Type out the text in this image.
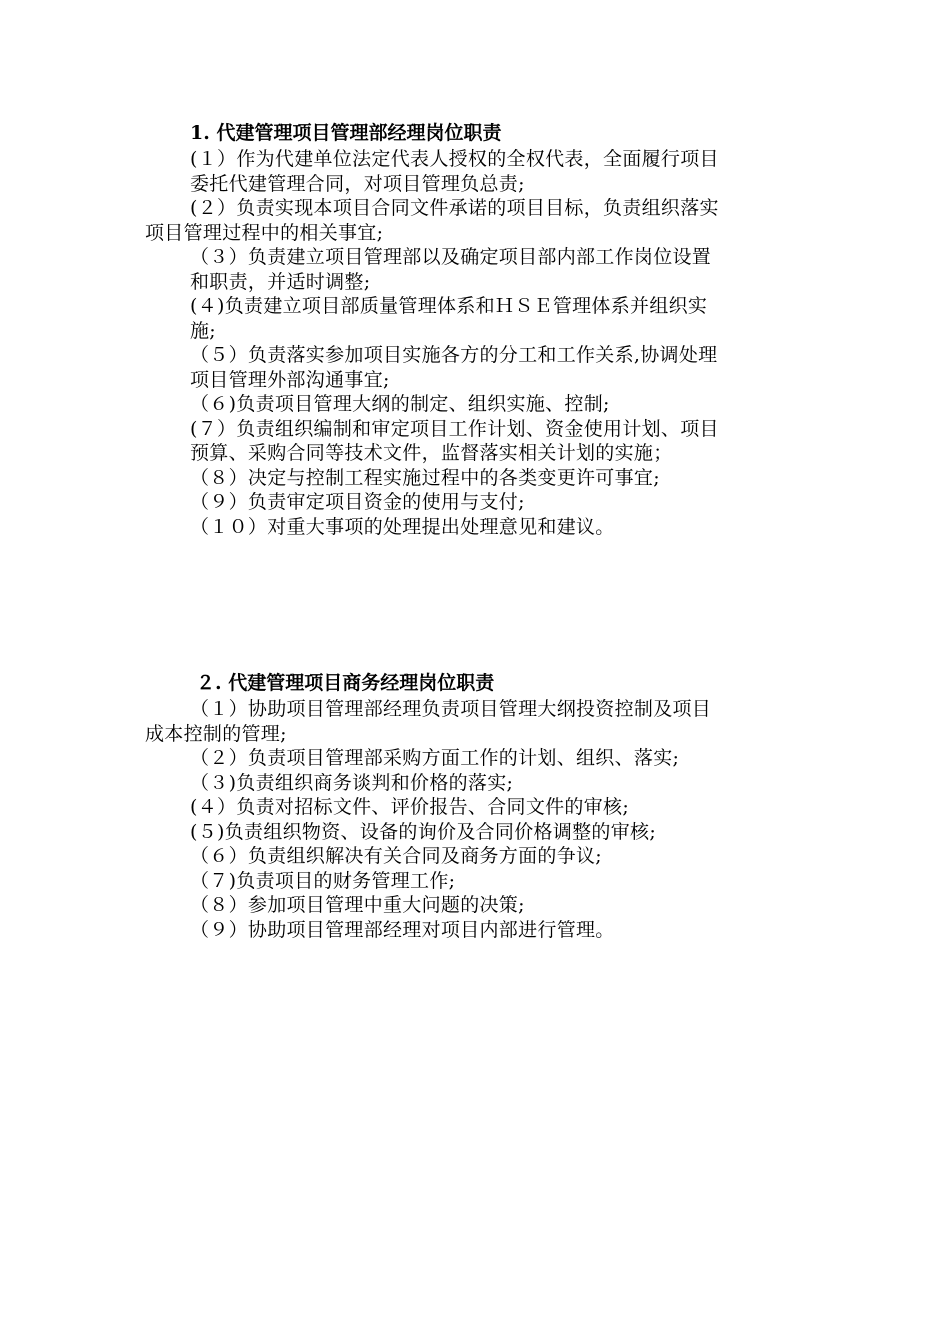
1. 代建管理项目管理部经理岗位职责
(１）作为代建单位法定代表人授权的全权代表，全面履行项目
委托代建管理合同，对项目管理负总责;
(２）负责实现本项目合同文件承诺的项目目标，负责组织落实
项目管理过程中的相关事宜;
（３）负责建立项目管理部以及确定项目部内部工作岗位设置
和职责，并适时调整;
(４)负责建立项目部质量管理体系和ＨＳＥ管理体系并组织实
施;
（５）负责落实参加项目实施各方的分工和工作关系,协调处理
项目管理外部沟通事宜;
（６)负责项目管理大纲的制定、组织实施、控制;
(７）负责组织编制和审定项目工作计划、资金使用计划、项目
预算、采购合同等技术文件，监督落实相关计划的实施；
（８）决定与控制工程实施过程中的各类变更许可事宜;
（９）负责审定项目资金的使用与支付;
（１０）对重大事项的处理提出处理意见和建议。
２. 代建管理项目商务经理岗位职责
（１）协助项目管理部经理负责项目管理大纲投资控制及项目
成本控制的管理;
（２）负责项目管理部采购方面工作的计划、组织、落实;
（３)负责组织商务谈判和价格的落实;
(４）负责对招标文件、评价报告、合同文件的审核;
(５)负责组织物资、设备的询价及合同价格调整的审核;
（６）负责组织解决有关合同及商务方面的争议;
（７)负责项目的财务管理工作;
（８）参加项目管理中重大问题的决策;
（９）协助项目管理部经理对项目内部进行管理。
